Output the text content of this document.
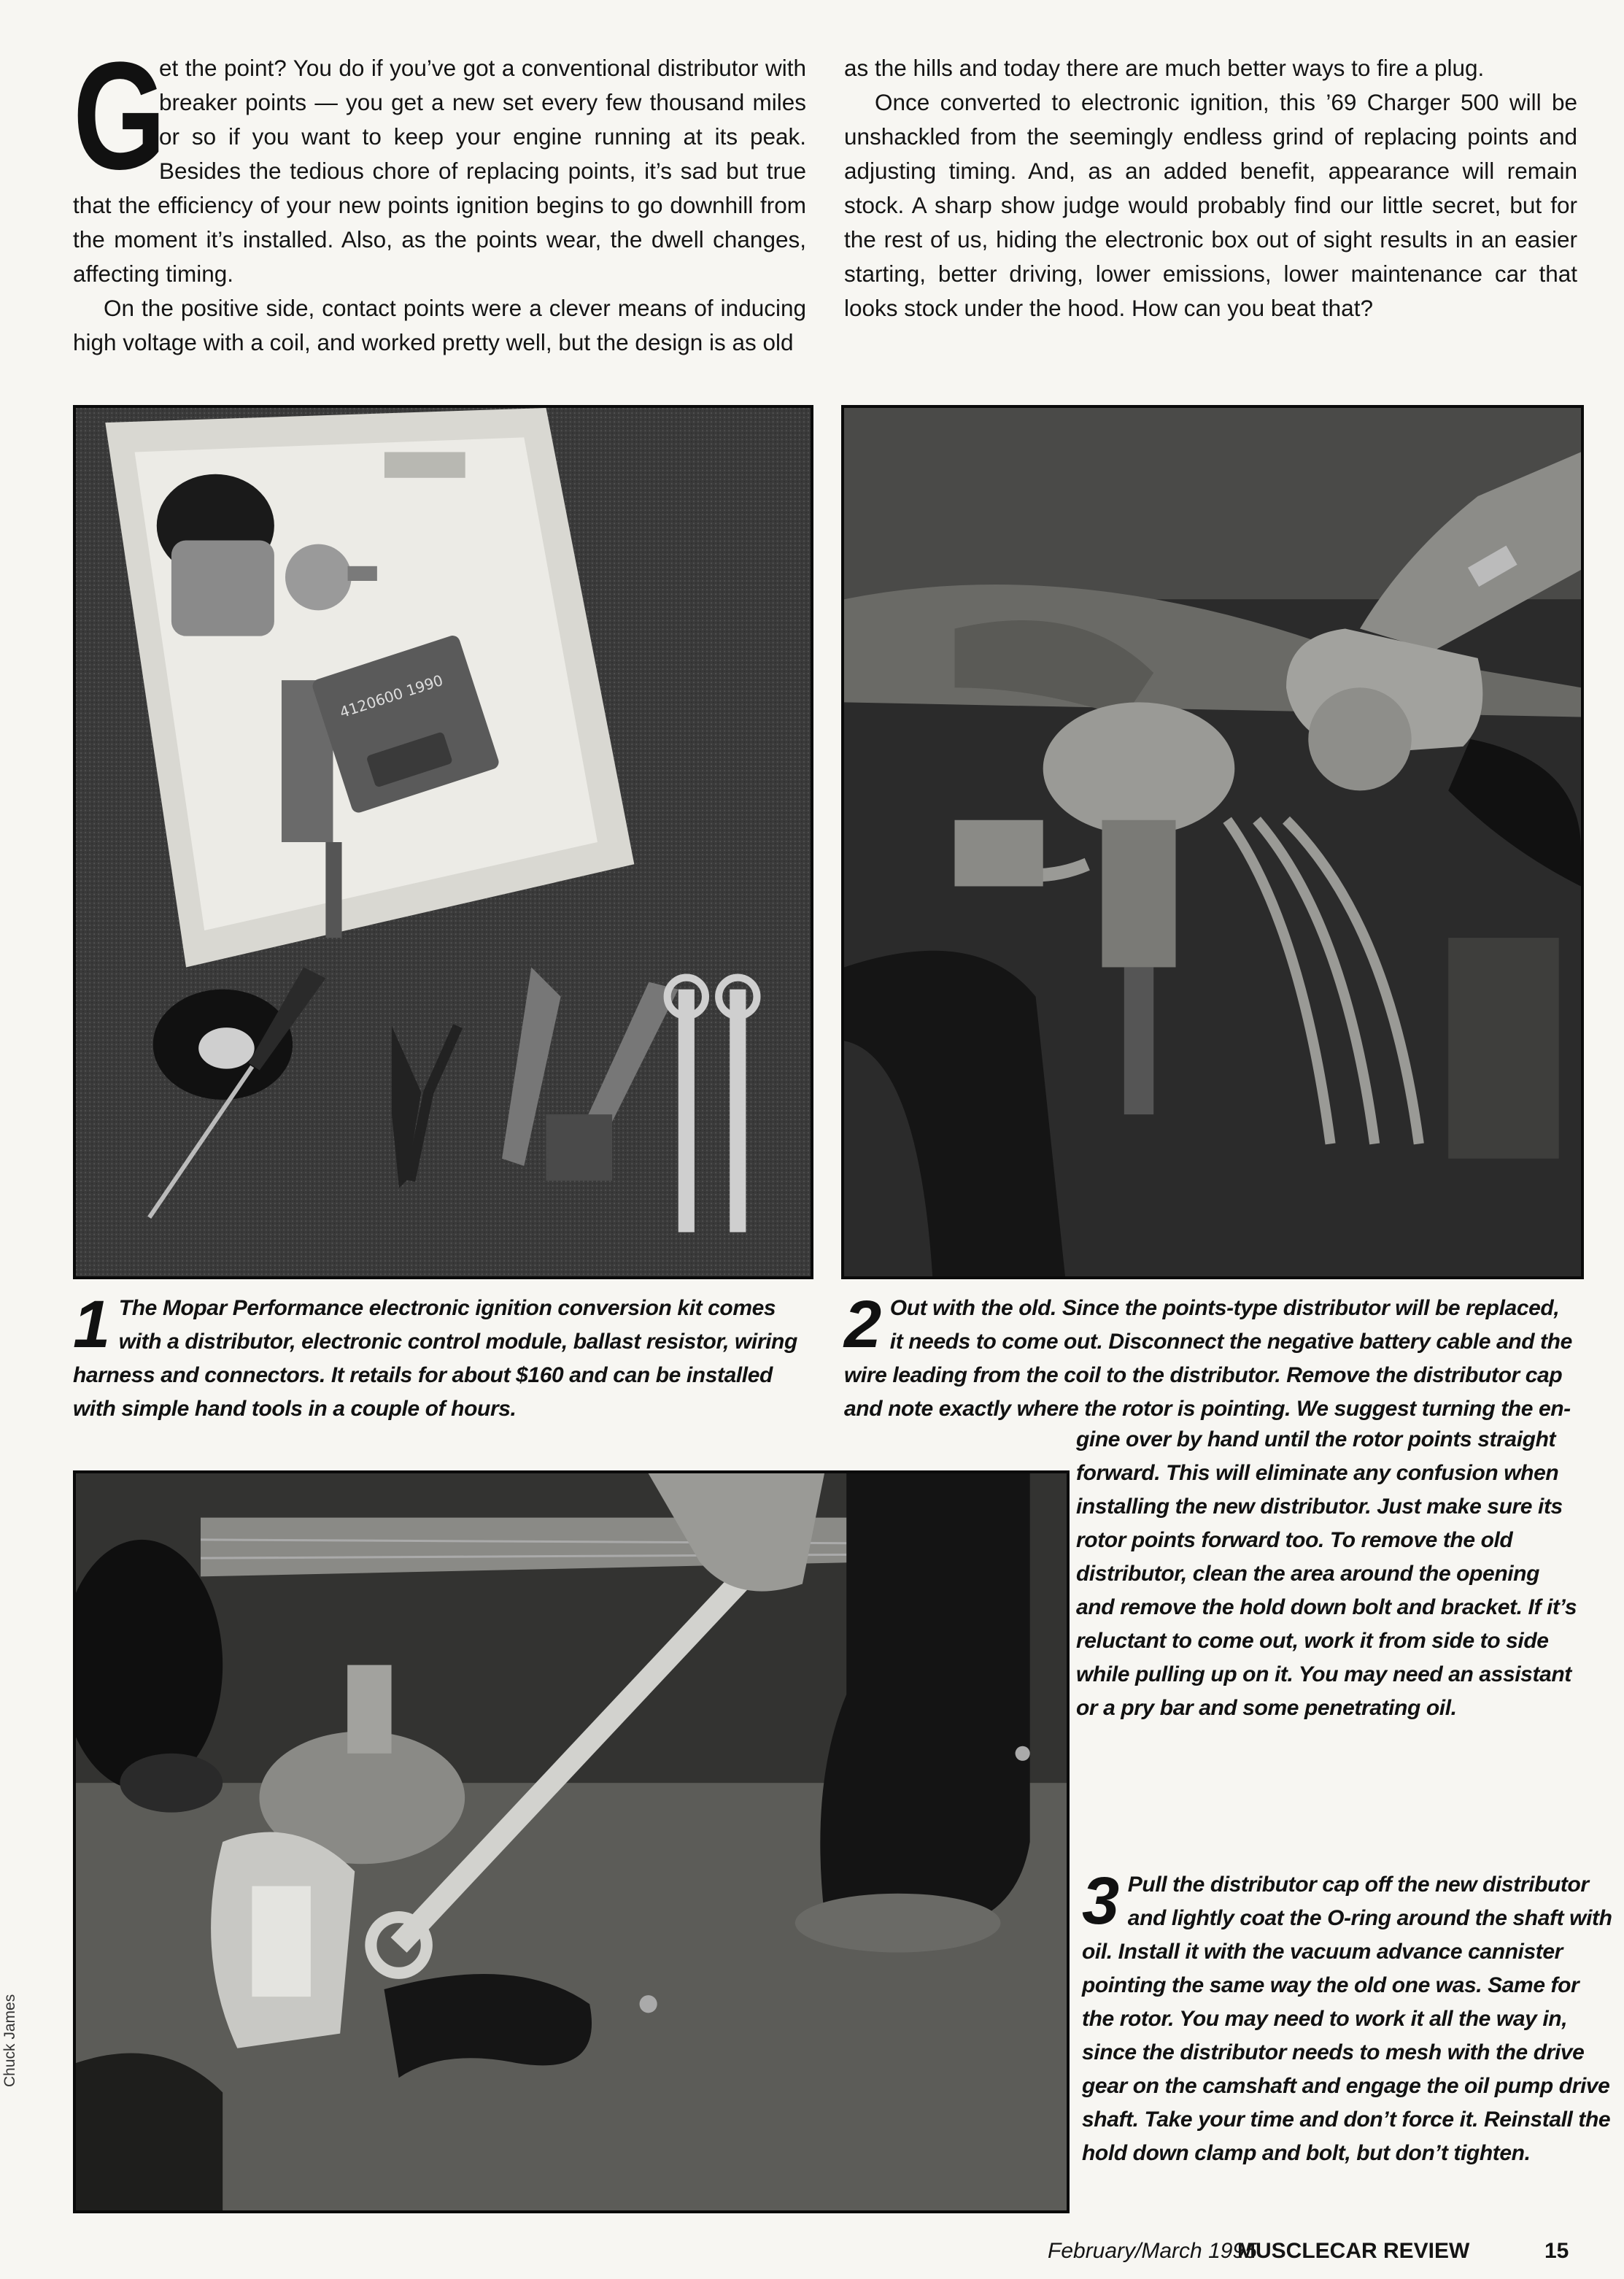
G

et the point? You do if you’ve got a conventional distributor with breaker points — you get a new set every few thousand miles or so if you want to keep your engine running at its peak. Besides the tedious chore of replacing points, it’s sad but true that the efficiency of your new points ignition begins to go downhill from the moment it’s installed. Also, as the points wear, the dwell changes, affecting timing.

On the positive side, contact points were a clever means of inducing high voltage with a coil, and worked pretty well, but the design is as old

as the hills and today there are much better ways to fire a plug.

Once converted to electronic ignition, this ’69 Charger 500 will be unshackled from the seemingly endless grind of replacing points and adjusting timing. And, as an added benefit, appearance will remain stock. A sharp show judge would probably find our little secret, but for the rest of us, hiding the electronic box out of sight results in an easier starting, better driving, lower emissions, lower maintenance car that looks stock under the hood. How can you beat that?

4120600 1990
1 The Mopar Performance electronic ignition conversion kit comes with a distributor, electronic control module, ballast resistor, wiring harness and connectors. It retails for about $160 and can be installed with simple hand tools in a couple of hours.
2 Out with the old. Since the points-type distributor will be replaced, it needs to come out. Disconnect the negative battery cable and the wire leading from the coil to the distributor. Remove the distributor cap and note exactly where the rotor is pointing. We suggest turning the en-
gine over by hand until the rotor points straight forward. This will eliminate any confusion when installing the new distributor. Just make sure its rotor points forward too. To remove the old distributor, clean the area around the opening and remove the hold down bolt and bracket. If it’s reluctant to come out, work it from side to side while pulling up on it. You may need an assistant or a pry bar and some penetrating oil.
3 Pull the distributor cap off the new distributor and lightly coat the O-ring around the shaft with oil. Install it with the vacuum advance cannister pointing the same way the old one was. Same for the rotor. You may need to work it all the way in, since the distributor needs to mesh with the drive gear on the camshaft and engage the oil pump drive shaft. Take your time and don’t force it. Reinstall the hold down clamp and bolt, but don’t tighten.
Chuck James
February/March 1995
MUSCLECAR REVIEW	15
